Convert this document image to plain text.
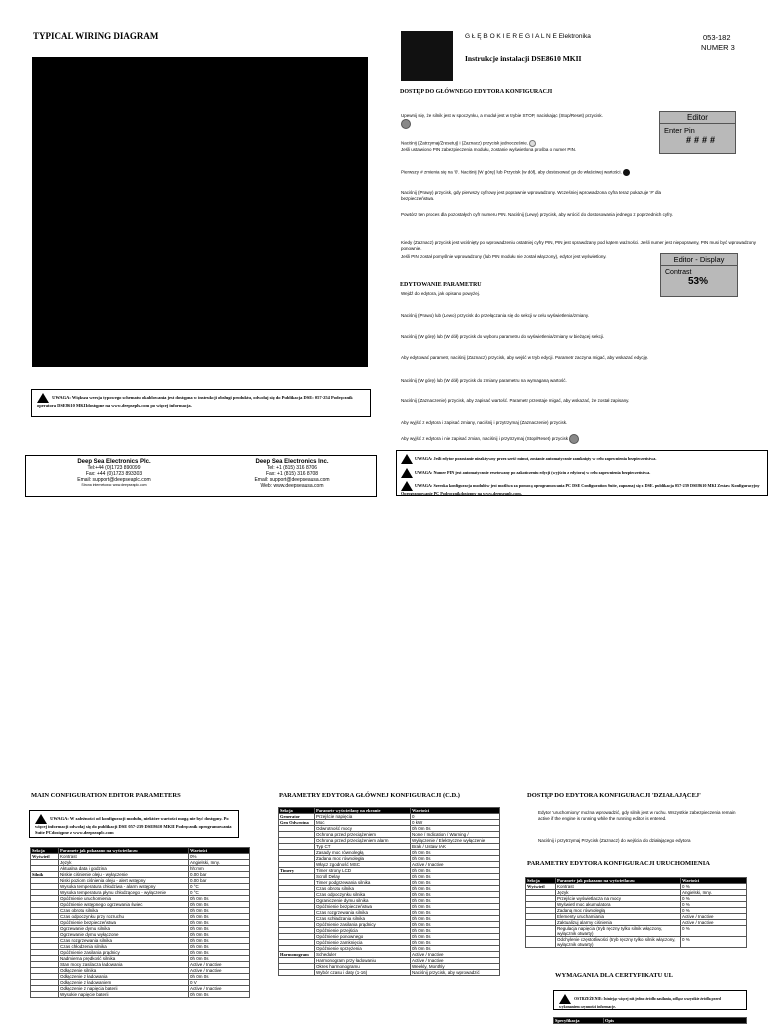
TYPICAL WIRING DIAGRAM
UWAGA: Większa wersja typowego schematu okablowania jest dostępna w instrukcji obsługi produktu, odwołaj się do Publikacja DSE: 057-254 Podręcznik operatora DSE8610 MKIIdostępne na www.deepsepls.com po więcej informacja.
Deep Sea Electronics Plc.
Tel:+44 (0)1723 890099
Fax: +44 (0)1723 893303
Email: support@deepseaplc.com
Strona internetowa: www.deepseaplc.com
Deep Sea Electronics Inc.
Tel: +1 (815) 316 8706
Fax: +1 (815) 316 8708
Email: support@deepseausa.com
Web: www.deepseausa.com
G Ł Ę B O K I E R E G I A L N E Elektronika
Instrukcje instalacji DSE8610 MKII
053-182
NUMER 3
DOSTĘP DO GŁÓWNEGO EDYTORA KONFIGURACJI
Upewnij się, że silnik jest w spoczynku, a moduł jest w trybie STOP, naciskając (Stop/Reset) przycisk.
Naciśnij (Zatrzymaj/Zresetuj) i (Zaznacz) przycisk jednocześnie.
Jeśli ustawiono PIN zabezpieczenia modułu, zostanie wyświetlona prośba o numer PIN.
Pierwszy # zmienia się na '0'. Naciśnij (W górę) lub Przycisk (w dół), aby dostosować go do właściwej wartości.
Naciśnij (Prawy) przycisk, gdy pierwszy cyfrowy jest poprawnie wprowadzony. Wcześniej wprowadzona cyfra teraz pokazuje '#' dla bezpieczeństwa.
Powtórz ten proces dla pozostałych cyfr numeru PIN. Naciśnij (Lewy) przycisk, aby wrócić do dostosowania jednego z poprzednich cyfry.
Kiedy (Zaznacz) przycisk jest wciśnięty po wprowadzeniu ostatniej cyfry PIN, PIN jest sprawdzany pod kątem ważności. Jeśli numer jest niepoprawny, PIN musi być wprowadzony ponownie.
Jeśli PIN został pomyślnie wprowadzony (lub PIN modułu nie został włączony), edytor jest wyświetlony.
Editor
Enter Pin
####
Editor - Display
Contrast
53%
EDYTOWANIE PARAMETRU
Wejdź do edytora, jak opisano powyżej.
Naciśnij (Prawo) lub (Lewo) przycisk do przełączania się do sekcji w celu wyświetlenia/zmiany.
Naciśnij (W górę) lub (W dół) przycisk do wyboru parametru do wyświetlenia/zmiany w bieżącej sekcji.
Aby edytować parametr, naciśnij (Zaznacz) przycisk, aby wejść w tryb edycji. Parametr zaczyna migać, aby wskazać edycję.
Naciśnij (W górę) lub (W dół) przycisk do zmiany parametru na wymaganą wartość.
Naciśnij (Zaznaczenie) przycisk, aby zapisać wartość. Parametr przestaje migać, aby wskazać, że został zapisany.
Aby wyjść z edytora i zapisać zmiany, naciśnij i przytrzymaj (Zaznaczenie) przycisk.
Aby wyjść z edytora i nie zapisać zmian, naciśnij i przytrzymaj (Stop/Reset) przycisk
UWAGA: Jeśli edytor pozostanie nieaktywny przez sześć minut, zostanie automatycznie zamknięty w celu zapewnienia bezpieczeństwa.
UWAGA: Numer PIN jest automatycznie resetowany po zakończeniu edycji (wyjściu z edytora) w celu zapewnienia bezpieczeństwa.
UWAGA: Szeroka konfiguracja modułów jest możliwa za pomocą oprogramowania PC DSE Configuration Suite, zapoznaj się z DSE. publikacja 057-239 DSE8610 MKI Zestaw Konfiguracyjny Oprogramowanie PC Podręcznikdostępny na www.deepseaplc.com.
MAIN CONFIGURATION EDITOR PARAMETERS
UWAGA: W zależności od konfiguracji modułu, niektóre wartości mogą nie być dostępny. Po więcej informacji odwołaj się do publikacji DSE 057-239 DSE8610 MKII Podręcznik oprogramowania Suite PCdostępne z www.deepseaplc.com
Sekcja	Parametr jak pokazano na wyświetlaczu	Wartości
Wyświetl	Kontrast	0%
	Język	Angielski, Inny.
	Aktualna data i godzina	hh:mm
Silnik	Niskie ciśnienie oleju - wyłączenie	0.00 bar
	Niski poziom ciśnienia oleju - alert wstępny	0.00 bar
	Wysoka temperatura chłodziwa - alarm wstępny	0 °C
	Wysoka temperatura płynu chłodzącego - wyłączenie	0 °C
	Opóźnienie uruchomienia	0h 0m 0s
	Opóźnienie wstępnego ogrzewania świec	0h 0m 0s
	Czas obrotu silnika	0h 0m 0s
	Czas odpoczynku przy rozruchu	0h 0m 0s
	Opóźnienie bezpieczeństwa	0h 0m 0s
	Ogrzewanie dymu silnika	0h 0m 0s
	Ogrzewanie dymu wyłączone	0h 0m 0s
	Czas rozgrzewania silnika	0h 0m 0s
	Czas chłodzenia silnika	0h 0m 0s
	Opóźnienie zasilania prądnicy	0h 0m 0s
	Nadmierna prędkość silnika	0h 0m 0s
	Stan mocy zasilacza ładowania	Active / Inactive
	Odłączenie silnika	Active / Inactive
	Odłączenie z ładowania	0h 0m 0s
	Odłączenie z ładowaniem	0 V
	Odłączenie z napięcia baterii	Active / Inactive
	Wysokie napięcie baterii	0h 0m 0s
PARAMETRY EDYTORA GŁÓWNEJ KONFIGURACJI (C.D.)
Sekcja	Parametr wyświetlany na ekranie	Wartości
Generator	Przejście napięcia	0
Gen Odwrotna	Moc	0 kW
	Odwrotność mocy	0h 0m 0s
	Ochrona przed przeciążeniem	None / Indication / Warning /
	Ochrona przed przeciążeniem alarm	Wyłączenie / Elektryczne wyłączenie
	Typ CT	Brak / Ustaw IAK
	Zasady moc równoległą	0h 0m 0s
	Zadana moc równoległa	0h 0m 0s
	Włącz zgodność MSC	Active / Inactive
Timery	Timer strony LCD	0h 0m 0s
	Scroll Delay	0h 0m 0s
	Timer podgrzewania silnika	0h 0m 0s
	Czas obrotu silnika	0h 0m 0s
	Czas odpoczynku silnika	0h 0m 0s
	Ograniczenie dymu silnika	0h 0m 0s
	Opóźnienie bezpieczeństwa	0h 0m 0s
	Czas rozgrzewania silnika	0h 0m 0s
	Czas schładzania silnika	0h 0m 0s
	Opóźnienie zasilania prądnicy	0h 0m 0s
	Opóźnienie przejścia	0h 0m 0s
	Opóźnienie ponownego	0h 0m 0s
	Opóźnienie zamknięcia	0h 0m 0s
	Opóźnienie sprzężenia	0h 0m 0s
Harmonogram	Scheduler	Active / Inactive
	Harmonogram przy ładowaniu	Active / Inactive
	Okres harmonogramu	Weekly, Monthly
	Wybór czasu i daty (1-16)	Naciśnij przycisk, aby wprowadzić
DOSTĘP DO EDYTORA KONFIGURACJI 'DZIAŁAJĄCEJ'
Edytor 'uruchomiony' można wprowadzić, gdy silnik jest w ruchu. Wszystkie zabezpieczenia remain active if the engine is running while the running editor is entered.
Naciśnij i przytrzymaj Przycisk (Zaznacz) do wejścia do działającego edytora
PARAMETRY EDYTORA KONFIGURACJI URUCHOMIENIA
Sekcja	Parametr jak pokazano na wyświetlaczu	Wartości
Wyświetl	Kontrast	0 %
	Język	Angielski, Inny.
	Przejście wyświetlacza na mocy	0 %
	Wyświetl moc akumulatora	0 %
	Zadaną moc równoległą	0 %
	Elementy uruchamiania	Active / Inactive
	Zaktualizuj alarmy ciśnienia	Active / Inactive
	Regulacja napięcia (tryb ręczny tylko silnik włączony, wyłącznik otwarty)	0 %
	Odchylenie częstotliwości (tryb ręczny tylko silnik włączony, wyłącznik otwarty)	0 %
WYMAGANIA DLA CERTYFIKATU UL
OSTRZEŻENIE: Istniejąc więcej niż jedno źródło zasilania, odłącz wszystkie źródła przed wykonaniem czynności informacje.
Specyfikacja	Opis
